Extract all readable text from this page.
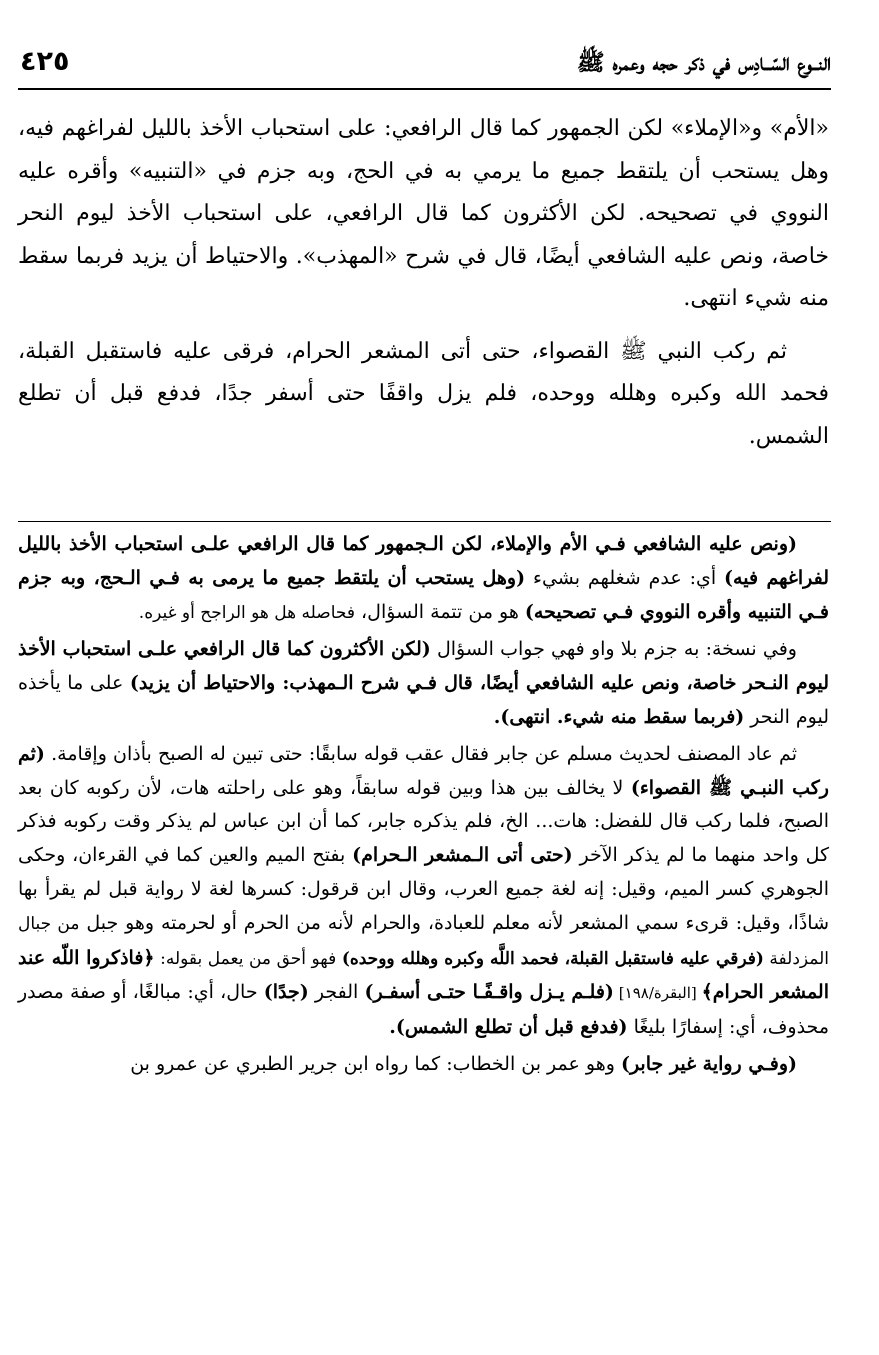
٤٢٥	النــوع السّــادِس في ذكر حجه وعمره ﷺ

«الأم» و«الإملاء» لكن الجمهور كما قال الرافعي: على استحباب الأخذ بالليل لفراغهم فيه، وهل يستحب أن يلتقط جميع ما يرمي به في الحج، وبه جزم في «التنبيه» وأقره عليه النووي في تصحيحه. لكن الأكثرون كما قال الرافعي، على استحباب الأخذ ليوم النحر خاصة، ونص عليه الشافعي أيضًا، قال في شرح «المهذب». والاحتياط أن يزيد فربما سقط منه شيء انتهى.

ثم ركب النبي ﷺ القصواء، حتى أتى المشعر الحرام، فرقى عليه فاستقبل القبلة، فحمد الله وكبره وهلله ووحده، فلم يزل واقفًا حتى أسفر جدًا، فدفع قبل أن تطلع الشمس.

(ونص عليه الشافعي فـي الأم والإملاء، لكن الـجمهور كما قال الرافعي علـى استحباب الأخذ بالليل لفراغهم فيه) أي: عدم شغلهم بشيء (وهل يستحب أن يلتقط جميع ما يرمى به فـي الـحج، وبه جزم فـي التنبيه وأقره النووي فـي تصحيحه) هو من تتمة السؤال، فحاصله هل هو الراجح أو غيره.

وفي نسخة: به جزم بلا واو فهي جواب السؤال (لكن الأكثرون كما قال الرافعي علـى استحباب الأخذ ليوم النـحر خاصة، ونص عليه الشافعي أيضًا، قال فـي شرح الـمهذب: والاحتياط أن يزيد) على ما يأخذه ليوم النحر (فربما سقط منه شيء. انتهى).

ثم عاد المصنف لحديث مسلم عن جابر فقال عقب قوله سابقًا: حتى تبين له الصبح بأذان وإقامة. (ثم ركب النبـي ﷺ القصواء) لا يخالف بين هذا وبين قوله سابقاً، وهو على راحلته هات، لأن ركوبه كان بعد الصبح، فلما ركب قال للفضل: هات... الخ، فلم يذكره جابر، كما أن ابن عباس لم يذكر وقت ركوبه فذكر كل واحد منهما ما لم يذكر الآخر (حتى أتى الـمشعر الـحرام) بفتح الميم والعين كما في القرءان، وحكى الجوهري كسر الميم، وقيل: إنه لغة جميع العرب، وقال ابن قرقول: كسرها لغة لا رواية قبل لم يقرأ بها شاذًا، وقيل: قرىء سمي المشعر لأنه معلم للعبادة، والحرام لأنه من الحرم أو لحرمته وهو جبل من جبال المزدلفة (فرقي عليه فاستقبل القبلة، فحمد اللَّه وكبره وهلله ووحده) فهو أحق من يعمل بقوله: ﴿فاذكروا اللّه عند المشعر الحرام﴾ [البقرة/١٩٨] (فلـم يـزل واقـفًـا حتـى أسفـر) الفجر (جدًا) حال، أي: مبالغًا، أو صفة مصدر محذوف، أي: إسفارًا بليغًا (فدفع قبل أن تطلع الشمس).

(وفـي رواية غير جابر) وهو عمر بن الخطاب: كما رواه ابن جرير الطبري عن عمرو بن
